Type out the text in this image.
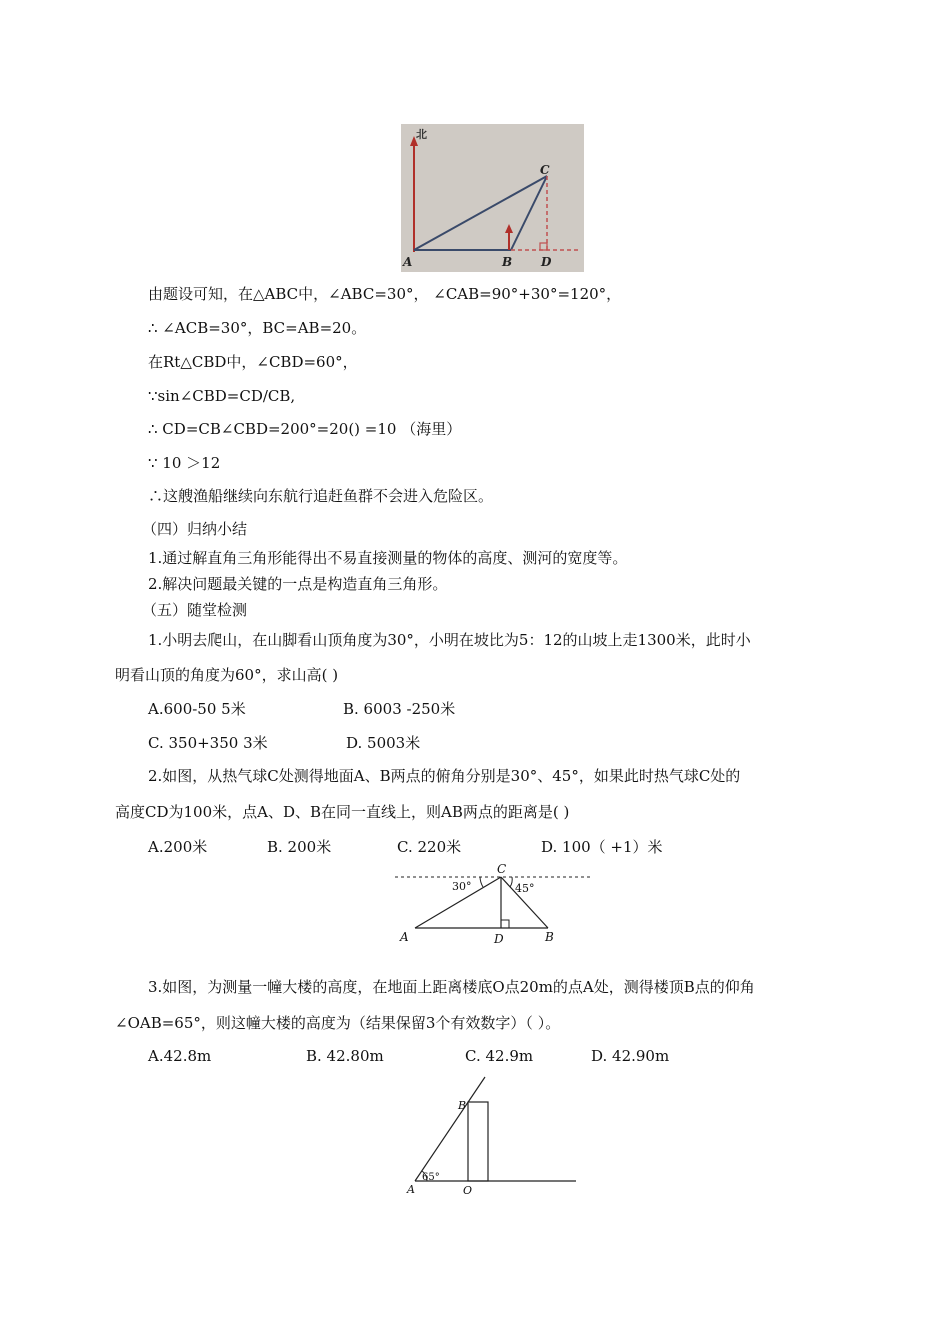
北
A	B
C
D
由题设可知，在△ABC中，∠ABC=30°， ∠CAB=90°+30°=120°，
∴ ∠ACB=30°，BC=AB=20。
在Rt△CBD中，∠CBD=60°，
∵sin∠CBD=CD/CB,
∴ CD=CB∠CBD=200°=20() =10 （海里）
∵ 10 ＞12
∴这艘渔船继续向东航行追赶鱼群不会进入危险区。
（四）归纳小结
1.通过解直角三角形能得出不易直接测量的物体的高度、测河的宽度等。
2.解决问题最关键的一点是构造直角三角形。
（五）随堂检测
1.小明去爬山，在山脚看山顶角度为30°，小明在坡比为5：12的山坡上走1300米，此时小
明看山顶的角度为60°，求山高( )
A.600-50 5米	B. 6003 -250米
C. 350+350 3米	D. 5003米
2.如图，从热气球C处测得地面A、B两点的俯角分别是30°、45°，如果此时热气球C处的
高度CD为100米，点A、D、B在同一直线上，则AB两点的距离是( )
A.200米	B. 200米	C. 220米	D. 100（ +1）米
C
30°	45°
A	D	B
3.如图，为测量一幢大楼的高度，在地面上距离楼底O点20m的点A处，测得楼顶B点的仰角
∠OAB=65°，则这幢大楼的高度为（结果保留3个有效数字）（ ）。
A.42.8m	B. 42.80m	C. 42.9m	D. 42.90m
B
65°
A	O
